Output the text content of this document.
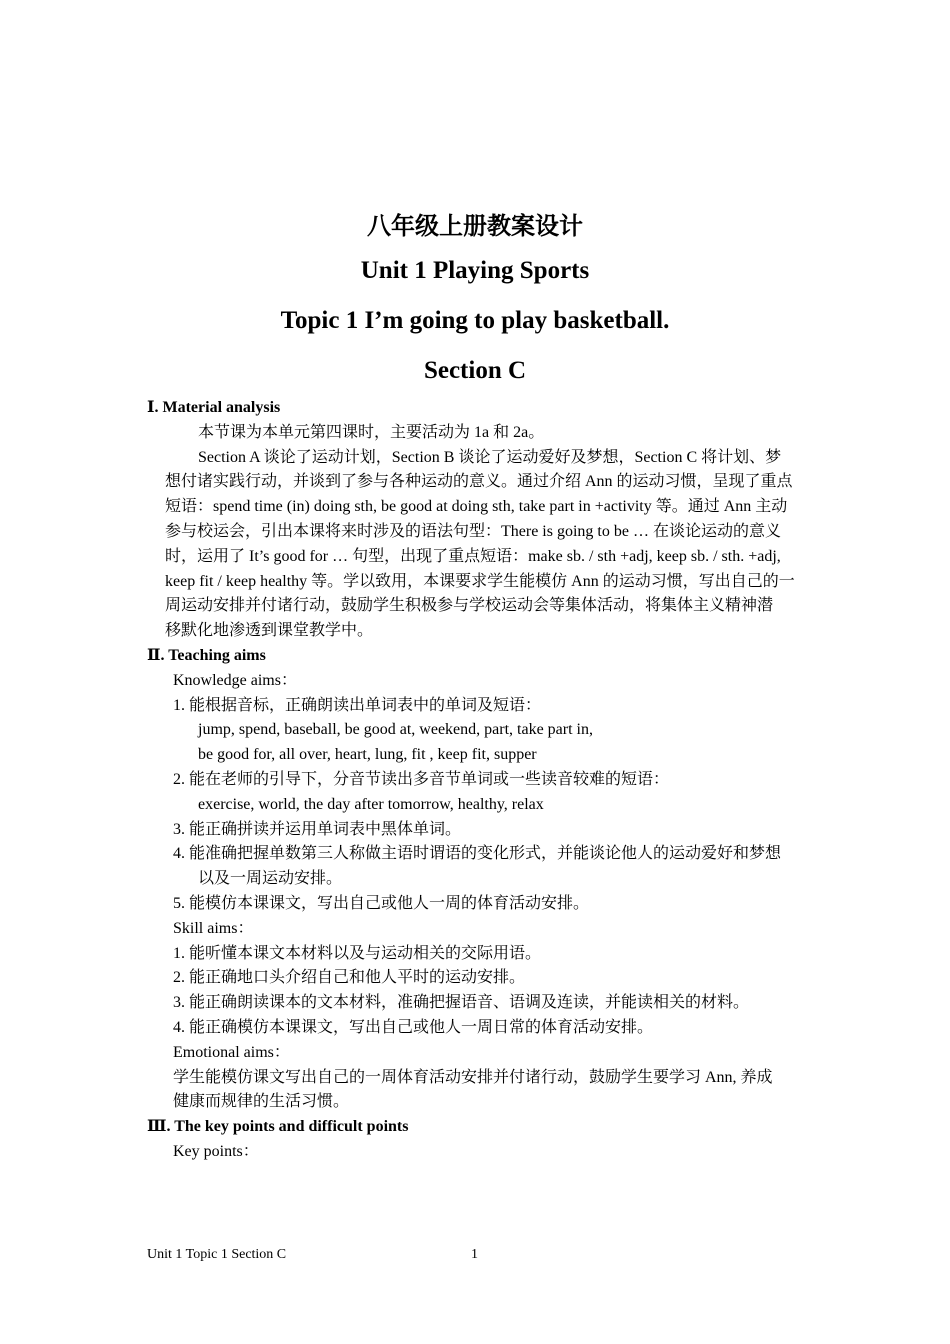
八年级上册教案设计
Unit 1 Playing Sports
Topic 1 I’m going to play basketball.
Section C
Ⅰ. Material analysis
本节课为本单元第四课时，主要活动为 1a 和 2a。
Section A 谈论了运动计划，Section B 谈论了运动爱好及梦想，Section C 将计划、梦
想付诸实践行动，并谈到了参与各种运动的意义。通过介绍 Ann 的运动习惯，呈现了重点
短语：spend time (in) doing sth, be good at doing sth, take part in +activity 等。通过 Ann 主动
参与校运会，引出本课将来时涉及的语法句型：There is going to be … 在谈论运动的意义
时，运用了 It’s good for … 句型，出现了重点短语：make sb. / sth +adj, keep sb. / sth. +adj,
keep fit / keep healthy 等。学以致用，本课要求学生能模仿 Ann 的运动习惯，写出自己的一
周运动安排并付诸行动，鼓励学生积极参与学校运动会等集体活动，将集体主义精神潜
移默化地渗透到课堂教学中。
Ⅱ. Teaching aims
Knowledge aims：
1. 能根据音标，正确朗读出单词表中的单词及短语：
jump, spend, baseball, be good at, weekend, part, take part in,
be good for, all over, heart, lung, fit , keep fit, supper
2. 能在老师的引导下，分音节读出多音节单词或一些读音较难的短语：
exercise, world, the day after tomorrow, healthy, relax
3. 能正确拼读并运用单词表中黑体单词。
4. 能准确把握单数第三人称做主语时谓语的变化形式，并能谈论他人的运动爱好和梦想
以及一周运动安排。
5. 能模仿本课课文，写出自己或他人一周的体育活动安排。
Skill aims：
1. 能听懂本课文本材料以及与运动相关的交际用语。
2. 能正确地口头介绍自己和他人平时的运动安排。
3. 能正确朗读课本的文本材料，准确把握语音、语调及连读，并能读相关的材料。
4. 能正确模仿本课课文，写出自己或他人一周日常的体育活动安排。
Emotional aims：
学生能模仿课文写出自己的一周体育活动安排并付诸行动，鼓励学生要学习 Ann, 养成
健康而规律的生活习惯。
Ⅲ. The key points and difficult points
Key points：
Unit 1 Topic 1 Section C	1
